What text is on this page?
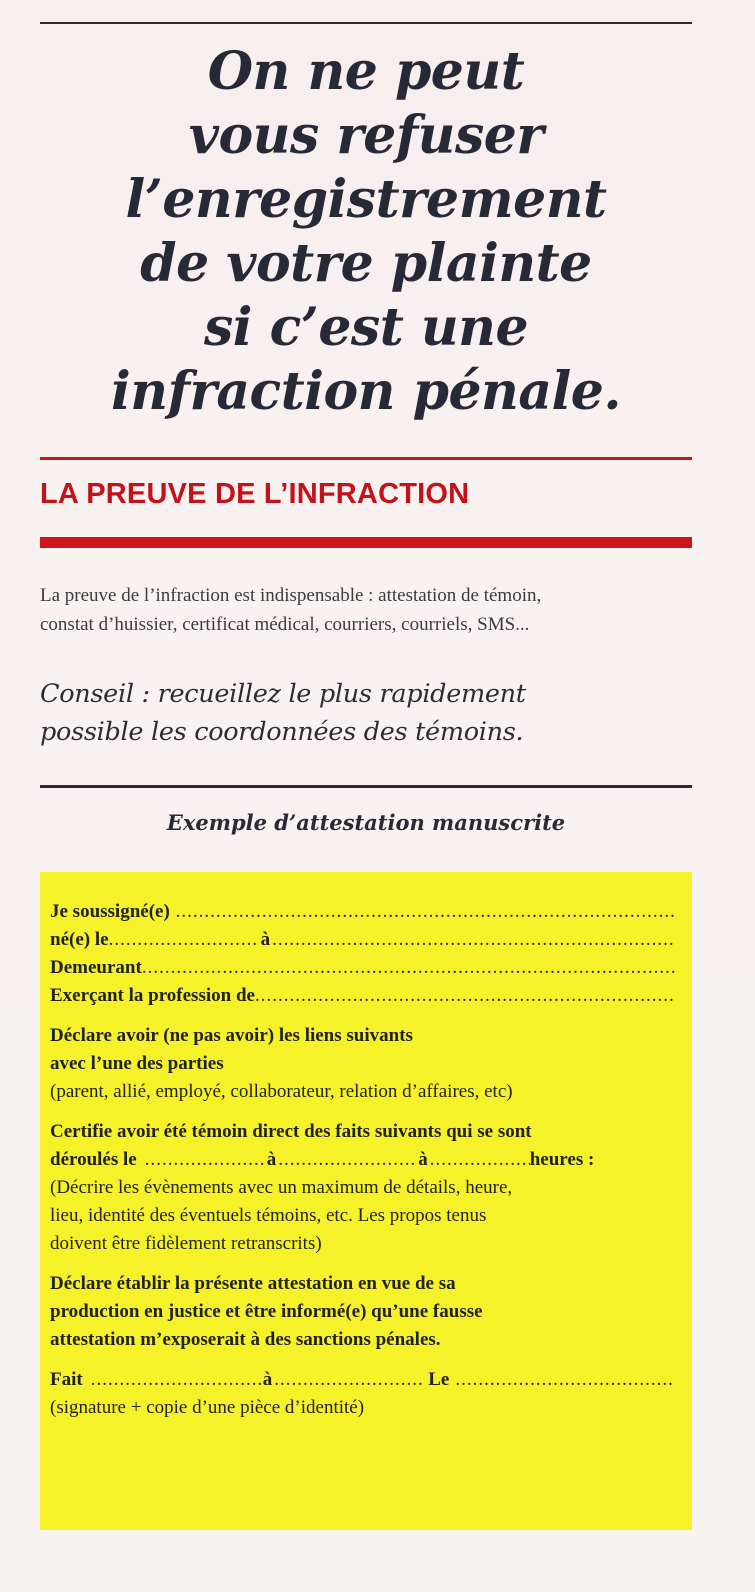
On ne peut
vous refuser
l’enregistrement
de votre plainte
si c’est une
infraction pénale.
LA PREUVE DE L’INFRACTION
La preuve de l’infraction est indispensable : attestation de témoin,
constat d’huissier, certificat médical, courriers, courriels, SMS...
Conseil : recueillez le plus rapidement
possible les coordonnées des témoins.
Exemple d’attestation manuscrite
Je soussigné(e)
.....
né(e) le .....	à
.....
Demeurant
.....
Exerçant la profession de
.....
Déclare avoir (ne pas avoir) les liens suivants
avec l’une des parties
(parent, allié, employé, collaborateur, relation d’affaires, etc)
Certifie avoir été témoin direct des faits suivants qui se sont
déroulés le .....	à .....	à .....	heures :
(Décrire les évènements avec un maximum de détails, heure,
lieu, identité des éventuels témoins, etc. Les propos tenus
doivent être fidèlement retranscrits)
Déclare établir la présente attestation en vue de sa
production en justice et être informé(e) qu’une fausse
attestation m’exposerait à des sanctions pénales.
Fait .....	à .....	Le
.....
(signature + copie d’une pièce d’identité)
